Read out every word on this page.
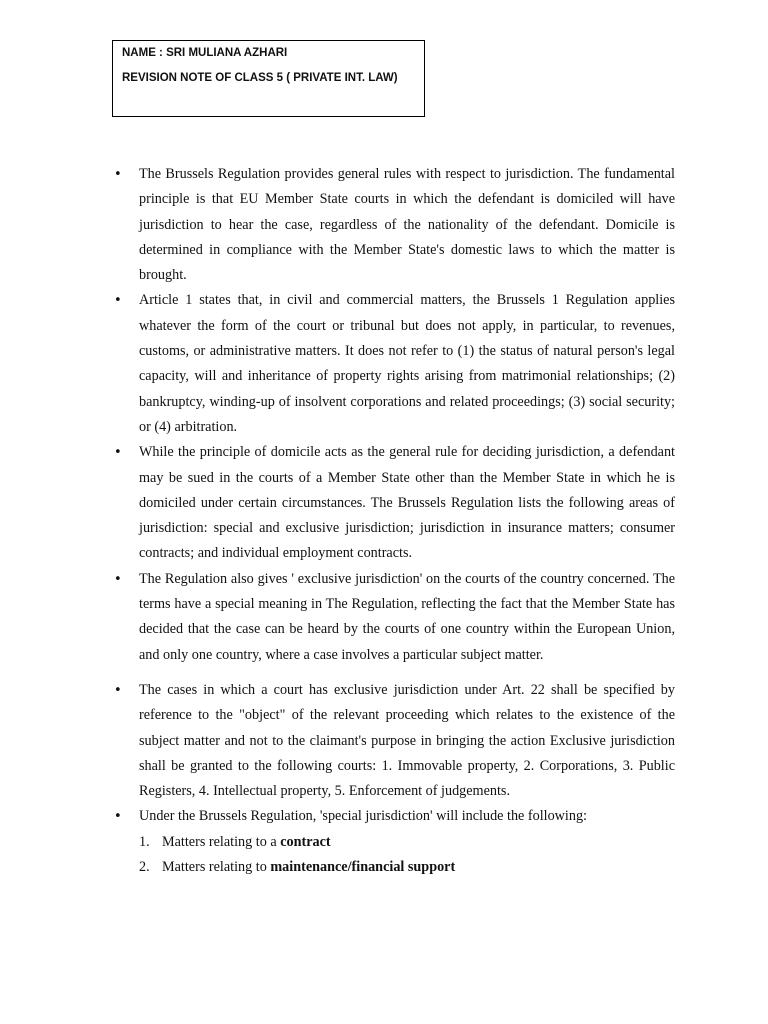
NAME : SRI MULIANA AZHARI
REVISION NOTE OF CLASS 5 ( PRIVATE INT. LAW)
• The Brussels Regulation provides general rules with respect to jurisdiction. The fundamental principle is that EU Member State courts in which the defendant is domiciled will have jurisdiction to hear the case, regardless of the nationality of the defendant. Domicile is determined in compliance with the Member State's domestic laws to which the matter is brought.
• Article 1 states that, in civil and commercial matters, the Brussels 1 Regulation applies whatever the form of the court or tribunal but does not apply, in particular, to revenues, customs, or administrative matters. It does not refer to (1) the status of natural person's legal capacity, will and inheritance of property rights arising from matrimonial relationships; (2) bankruptcy, winding-up of insolvent corporations and related proceedings; (3) social security; or (4) arbitration.
• While the principle of domicile acts as the general rule for deciding jurisdiction, a defendant may be sued in the courts of a Member State other than the Member State in which he is domiciled under certain circumstances. The Brussels Regulation lists the following areas of jurisdiction: special and exclusive jurisdiction; jurisdiction in insurance matters; consumer contracts; and individual employment contracts.
• The Regulation also gives ' exclusive jurisdiction' on the courts of the country concerned. The terms have a special meaning in The Regulation, reflecting the fact that the Member State has decided that the case can be heard by the courts of one country within the European Union, and only one country, where a case involves a particular subject matter.
• The cases in which a court has exclusive jurisdiction under Art. 22 shall be specified by reference to the "object" of the relevant proceeding which relates to the existence of the subject matter and not to the claimant's purpose in bringing the action Exclusive jurisdiction shall be granted to the following courts: 1. Immovable property, 2. Corporations, 3. Public Registers, 4. Intellectual property, 5. Enforcement of judgements.
• Under the Brussels Regulation, 'special jurisdiction' will include the following:
1. Matters relating to a contract
2. Matters relating to maintenance/financial support
